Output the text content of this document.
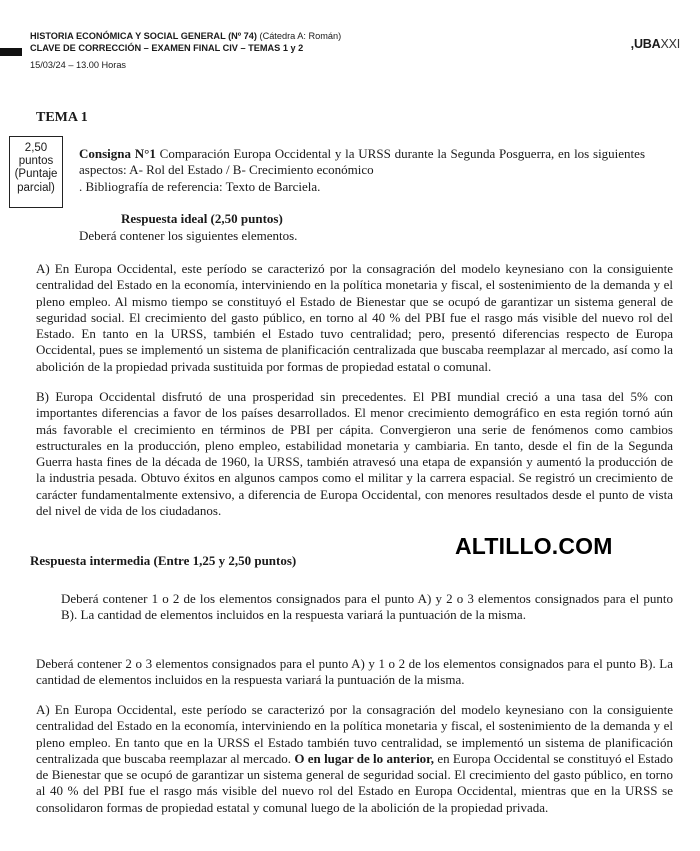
HISTORIA ECONÓMICA Y SOCIAL GENERAL (Nº 74) (Cátedra A: Román)
CLAVE DE CORRECCIÓN – EXAMEN FINAL CIV – TEMAS 1 y 2
15/03/24 – 13.00 Horas
,UBAXXI
TEMA 1
2,50
puntos
(Puntaje
parcial)
Consigna N°1 Comparación Europa Occidental y la URSS durante la Segunda Posguerra, en los siguientes aspectos: A- Rol del Estado / B- Crecimiento económico
. Bibliografía de referencia: Texto de Barciela.
Respuesta ideal (2,50 puntos)
Deberá contener los siguientes elementos.
A) En Europa Occidental, este período se caracterizó por la consagración del modelo keynesiano con la consiguiente centralidad del Estado en la economía, interviniendo en la política monetaria y fiscal, el sostenimiento de la demanda y el pleno empleo. Al mismo tiempo se constituyó el Estado de Bienestar que se ocupó de garantizar un sistema general de seguridad social. El crecimiento del gasto público, en torno al 40 % del PBI fue el rasgo más visible del nuevo rol del Estado. En tanto en la URSS, también el Estado tuvo centralidad; pero, presentó diferencias respecto de Europa Occidental, pues se implementó un sistema de planificación centralizada que buscaba reemplazar al mercado, así como la abolición de la propiedad privada sustituida por formas de propiedad estatal o comunal.
B) Europa Occidental disfrutó de una prosperidad sin precedentes. El PBI mundial creció a una tasa del 5% con importantes diferencias a favor de los países desarrollados. El menor crecimiento demográfico en esta región tornó aún más favorable el crecimiento en términos de PBI per cápita. Convergieron una serie de fenómenos como cambios estructurales en la producción, pleno empleo, estabilidad monetaria y cambiaria. En tanto, desde el fin de la Segunda Guerra hasta fines de la década de 1960, la URSS, también atravesó una etapa de expansión y aumentó la producción de la industria pesada. Obtuvo éxitos en algunos campos como el militar y la carrera espacial. Se registró un crecimiento de carácter fundamentalmente extensivo, a diferencia de Europa Occidental, con menores resultados desde el punto de vista del nivel de vida de los ciudadanos.
Respuesta intermedia (Entre 1,25 y 2,50 puntos)
ALTILLO.COM
Deberá contener 1 o 2 de los elementos consignados para el punto A) y 2 o 3 elementos consignados para el punto B). La cantidad de elementos incluidos en la respuesta variará la puntuación de la misma.
Deberá contener 2 o 3 elementos consignados para el punto A) y 1 o 2 de los elementos consignados para el punto B). La cantidad de elementos incluidos en la respuesta variará la puntuación de la misma.
A) En Europa Occidental, este período se caracterizó por la consagración del modelo keynesiano con la consiguiente centralidad del Estado en la economía, interviniendo en la política monetaria y fiscal, el sostenimiento de la demanda y el pleno empleo. En tanto que en la URSS el Estado también tuvo centralidad, se implementó un sistema de planificación centralizada que buscaba reemplazar al mercado. O en lugar de lo anterior, en Europa Occidental se constituyó el Estado de Bienestar que se ocupó de garantizar un sistema general de seguridad social. El crecimiento del gasto público, en torno al 40 % del PBI fue el rasgo más visible del nuevo rol del Estado en Europa Occidental, mientras que en la URSS se consolidaron formas de propiedad estatal y comunal luego de la abolición de la propiedad privada.
